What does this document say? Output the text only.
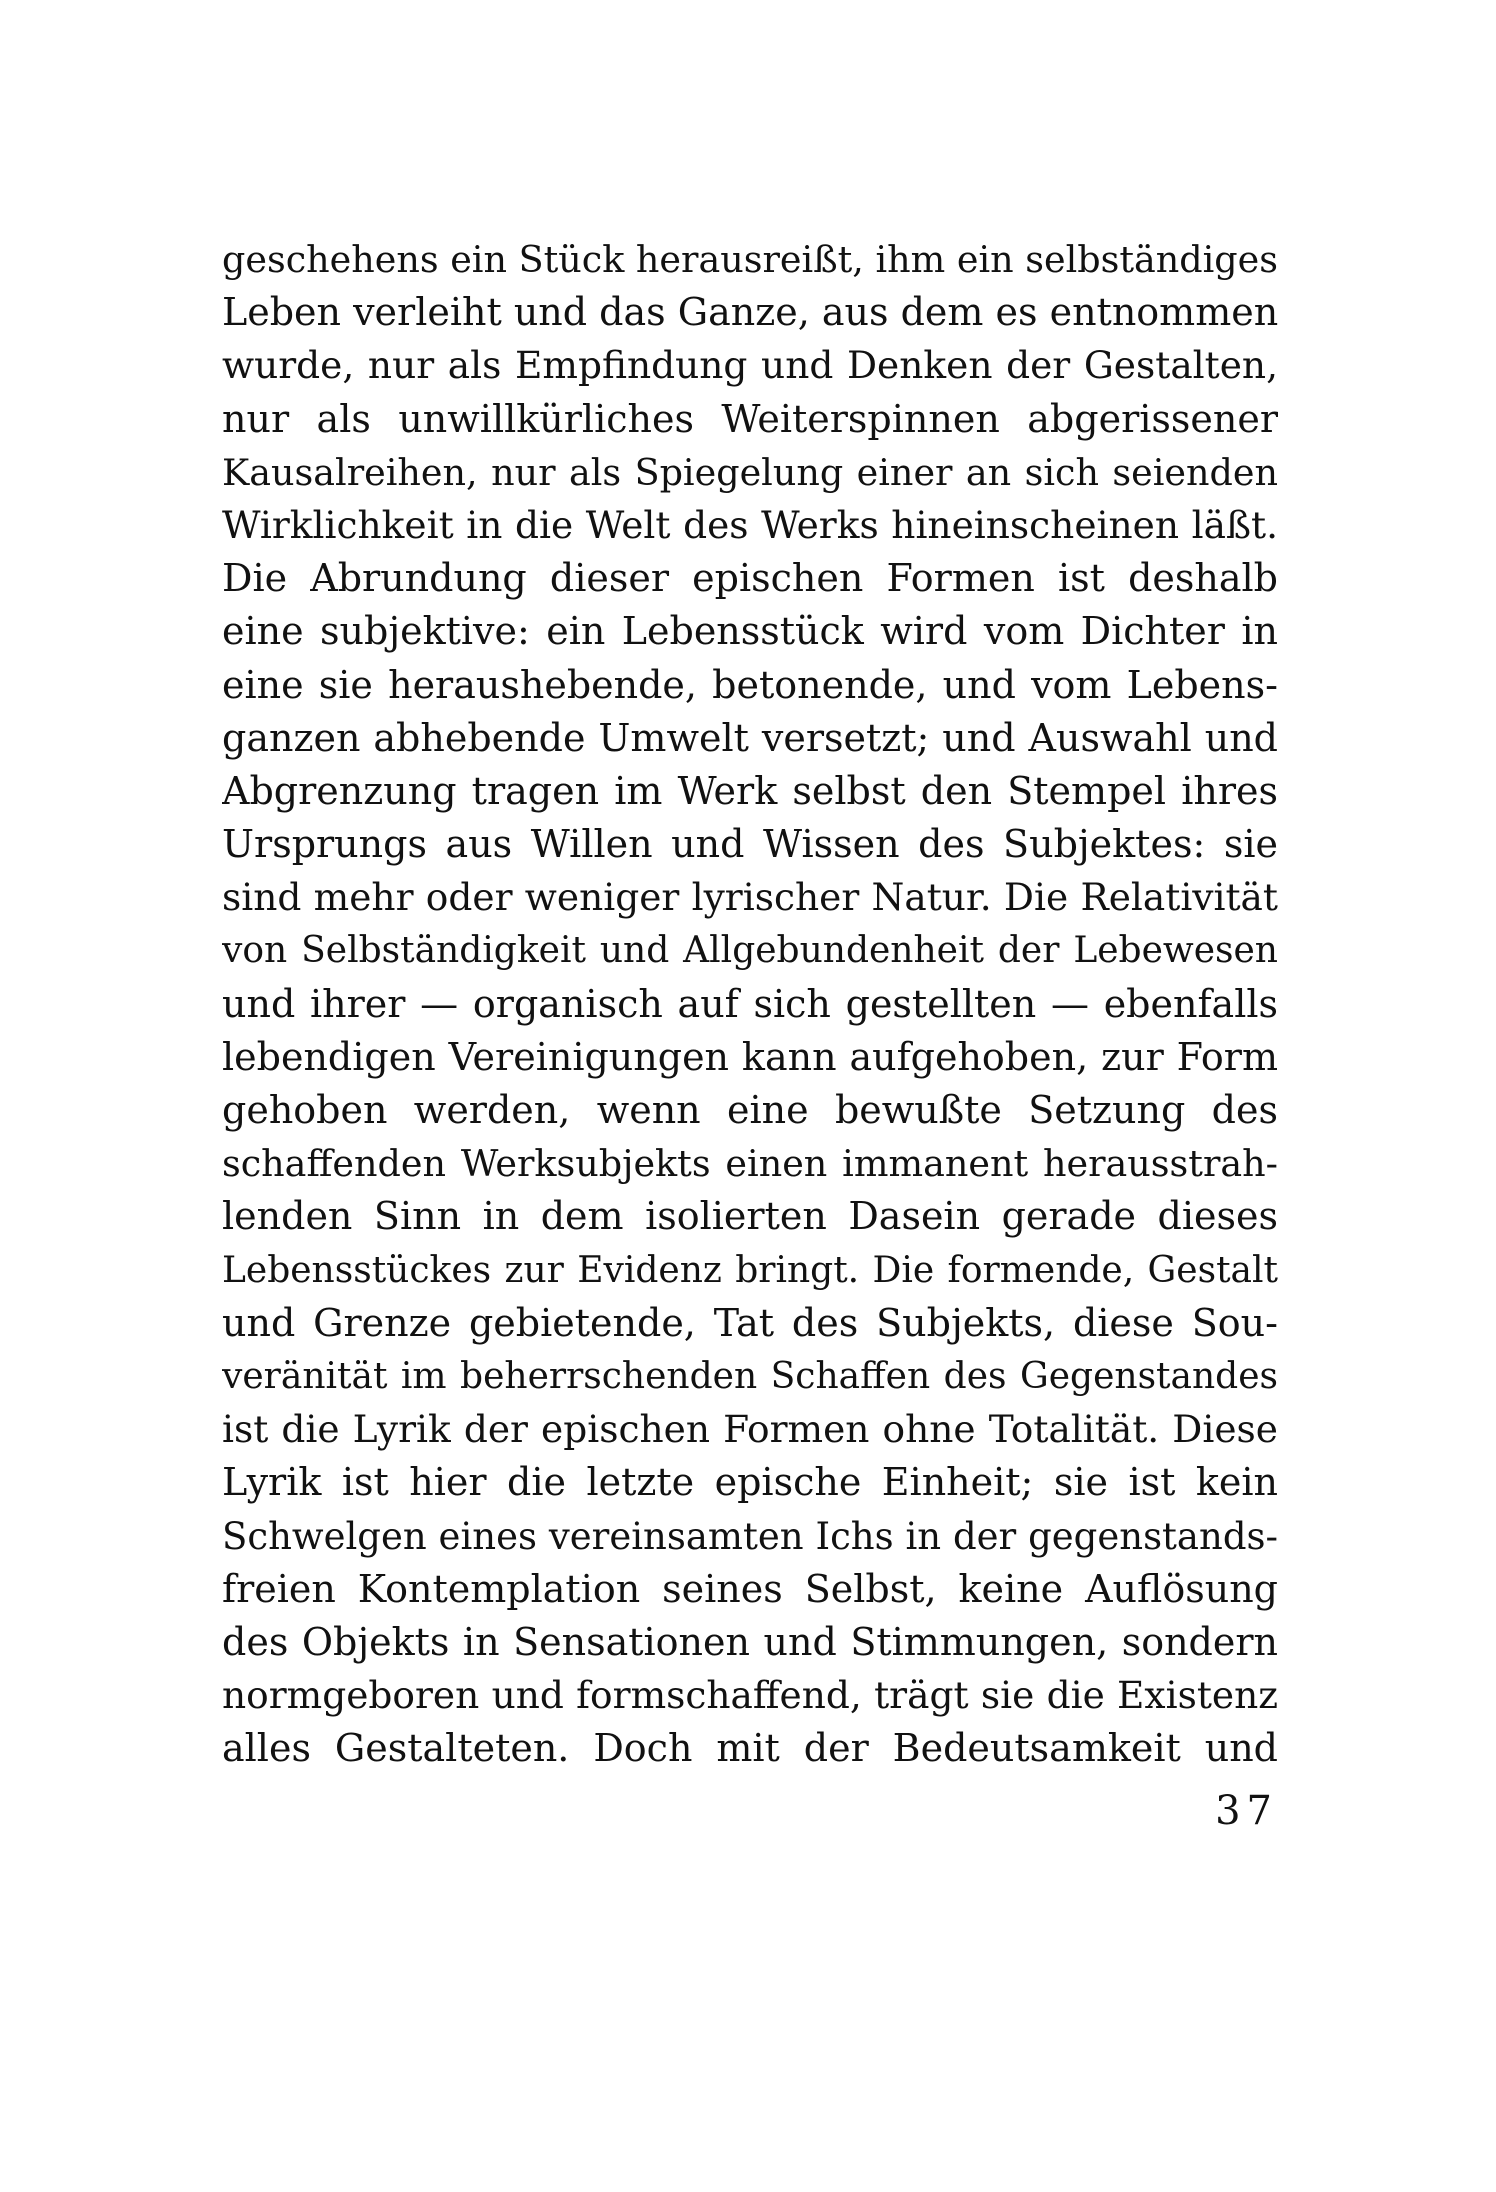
geschehens ein Stück herausreißt, ihm ein selbständiges
Leben verleiht und das Ganze, aus dem es entnommen
wurde, nur als Empfindung und Denken der Gestalten,
nur als unwillkürliches Weiterspinnen abgerissener
Kausalreihen, nur als Spiegelung einer an sich seienden
Wirklichkeit in die Welt des Werks hineinscheinen läßt.
Die Abrundung dieser epischen Formen ist deshalb
eine subjektive: ein Lebensstück wird vom Dichter in
eine sie heraushebende, betonende, und vom Lebens-
ganzen abhebende Umwelt versetzt; und Auswahl und
Abgrenzung tragen im Werk selbst den Stempel ihres
Ursprungs aus Willen und Wissen des Subjektes: sie
sind mehr oder weniger lyrischer Natur. Die Relativität
von Selbständigkeit und Allgebundenheit der Lebewesen
und ihrer — organisch auf sich gestellten — ebenfalls
lebendigen Vereinigungen kann aufgehoben, zur Form
gehoben werden, wenn eine bewußte Setzung des
schaffenden Werksubjekts einen immanent herausstrah-
lenden Sinn in dem isolierten Dasein gerade dieses
Lebensstückes zur Evidenz bringt. Die formende, Gestalt
und Grenze gebietende, Tat des Subjekts, diese Sou-
veränität im beherrschenden Schaffen des Gegenstandes
ist die Lyrik der epischen Formen ohne Totalität. Diese
Lyrik ist hier die letzte epische Einheit; sie ist kein
Schwelgen eines vereinsamten Ichs in der gegenstands-
freien Kontemplation seines Selbst, keine Auflösung
des Objekts in Sensationen und Stimmungen, sondern
normgeboren und formschaffend, trägt sie die Existenz
alles Gestalteten. Doch mit der Bedeutsamkeit und
37
